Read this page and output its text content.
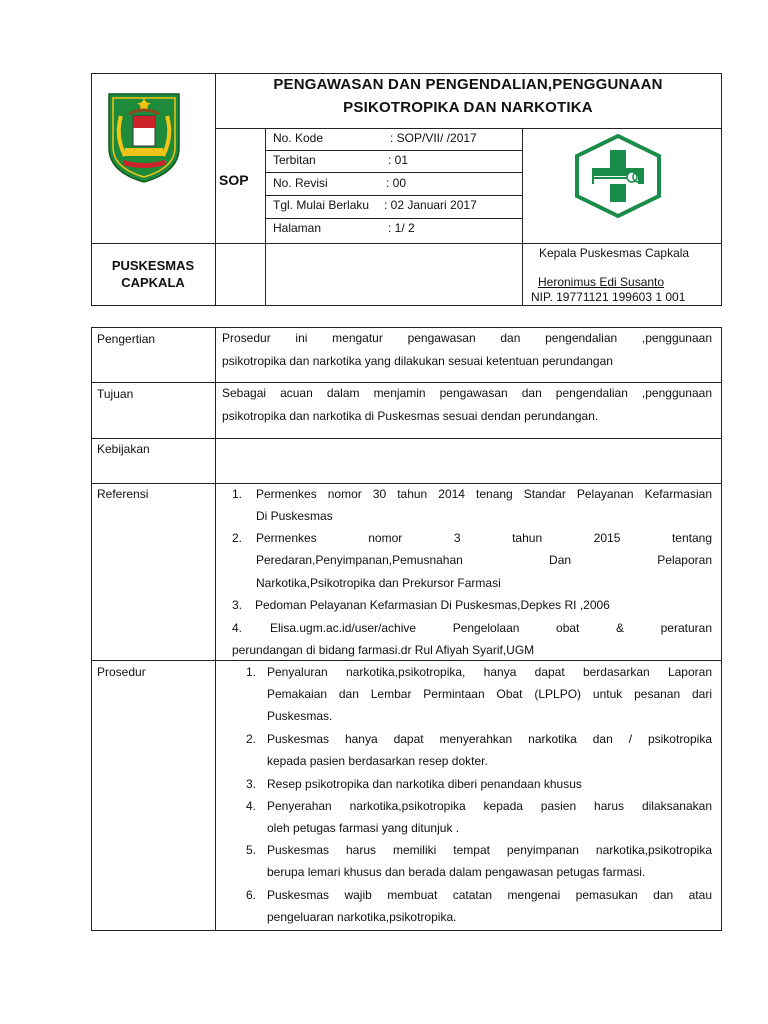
PENGAWASAN DAN PENGENDALIAN,PENGGUNAAN
PSIKOTROPIKA DAN NARKOTIKA
SOP
No. Kode	: SOP/VII/ /2017
Terbitan	: 01
No. Revisi	: 00
Tgl. Mulai Berlaku : 02 Januari 2017
Halaman	: 1/ 2
PUSKESMAS
CAPKALA
Kepala Puskesmas Capkala
Heronimus Edi Susanto
NIP. 19771121 199603 1 001
Pengertian	Prosedur ini mengatur pengawasan dan pengendalian ,penggunaan
psikotropika dan narkotika yang dilakukan sesuai ketentuan perundangan
Tujuan	Sebagai acuan dalam menjamin pengawasan dan pengendalian ,penggunaan
psikotropika dan narkotika di Puskesmas sesuai dendan perundangan.
Kebijakan
Referensi	1. Permenkes nomor 30 tahun 2014 tenang Standar Pelayanan Kefarmasian
Di Puskesmas
2. Permenkes nomor 3 tahun 2015 tentang
Peredaran,Penyimpanan,Pemusnahan Dan Pelaporan
Narkotika,Psikotropika dan Prekursor Farmasi
3. Pedoman Pelayanan Kefarmasian Di Puskesmas,Depkes RI ,2006
4. Elisa.ugm.ac.id/user/achive Pengelolaan obat & peraturan
perundangan di bidang farmasi.dr Rul Afiyah Syarif,UGM
Prosedur	1. Penyaluran narkotika,psikotropika, hanya dapat berdasarkan Laporan
Pemakaian dan Lembar Permintaan Obat (LPLPO) untuk pesanan dari
Puskesmas.
2. Puskesmas hanya dapat menyerahkan narkotika dan / psikotropika
kepada pasien berdasarkan resep dokter.
3. Resep psikotropika dan narkotika diberi penandaan khusus
4. Penyerahan narkotika,psikotropika kepada pasien harus dilaksanakan
oleh petugas farmasi yang ditunjuk .
5. Puskesmas harus memiliki tempat penyimpanan narkotika,psikotropika
berupa lemari khusus dan berada dalam pengawasan petugas farmasi.
6. Puskesmas wajib membuat catatan mengenai pemasukan dan atau
pengeluaran narkotika,psikotropika.
